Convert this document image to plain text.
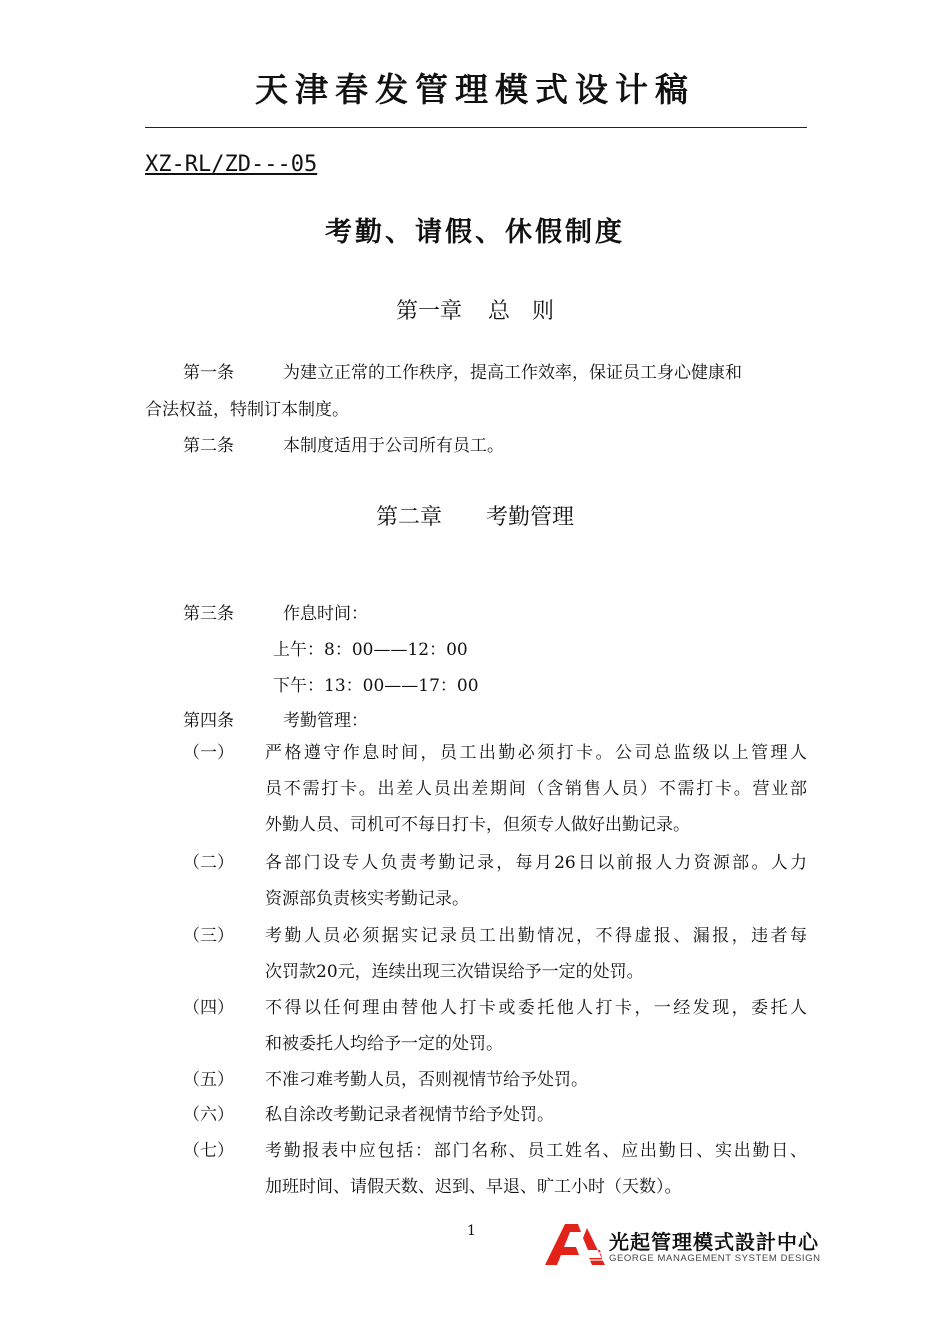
天津春发管理模式设计稿
XZ-RL/ZD---05
考勤、请假、休假制度
第一章 总　则
第一条	为建立正常的工作秩序，提高工作效率，保证员工身心健康和
合法权益，特制订本制度。
第二条	本制度适用于公司所有员工。
第二章 考勤管理
第三条	作息时间：
上午：8：00——12：00
下午：13：00——17：00
第四条	考勤管理：
（一） 严格遵守作息时间，员工出勤必须打卡。公司总监级以上管理人
员不需打卡。出差人员出差期间（含销售人员）不需打卡。营业部
外勤人员、司机可不每日打卡，但须专人做好出勤记录。
（二） 各部门设专人负责考勤记录，每月26日以前报人力资源部。人力
资源部负责核实考勤记录。
（三） 考勤人员必须据实记录员工出勤情况，不得虚报、漏报，违者每
次罚款20元，连续出现三次错误给予一定的处罚。
（四） 不得以任何理由替他人打卡或委托他人打卡，一经发现，委托人
和被委托人均给予一定的处罚。
（五） 不准刁难考勤人员，否则视情节给予处罚。
（六） 私自涂改考勤记录者视情节给予处罚。
（七） 考勤报表中应包括：部门名称、员工姓名、应出勤日、实出勤日、
加班时间、请假天数、迟到、早退、旷工小时（天数）。
1	光起管理模式設計中心
GEORGE MANAGEMENT SYSTEM DESIGN
